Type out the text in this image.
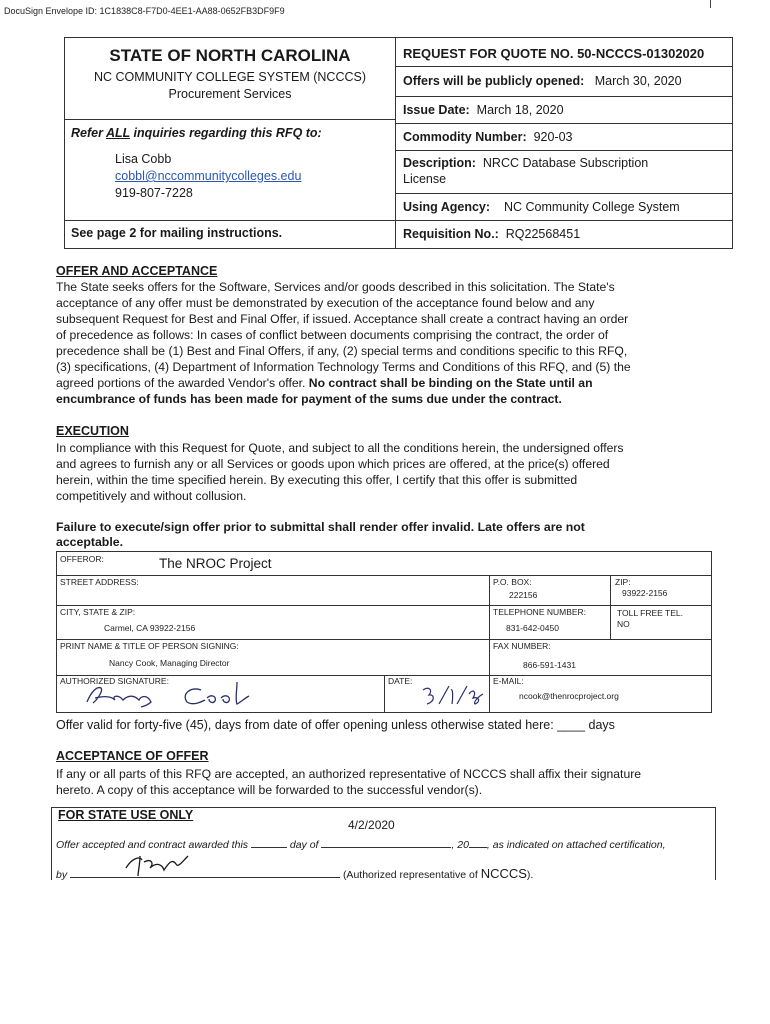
DocuSign Envelope ID: 1C1838C8-F7D0-4EE1-AA88-0652FB3DF9F9
STATE OF NORTH CAROLINA
NC COMMUNITY COLLEGE SYSTEM (NCCCS)
Procurement Services
Refer ALL inquiries regarding this RFQ to:
Lisa Cobb
cobbl@nccommunitycolleges.edu
919-807-7228
See page 2 for mailing instructions.
REQUEST FOR QUOTE NO. 50-NCCCS-01302020
Offers will be publicly opened: March 30, 2020
Issue Date: March 18, 2020
Commodity Number: 920-03
Description: NRCC Database Subscription
License
Using Agency: NC Community College System
Requisition No.: RQ22568451
OFFER AND ACCEPTANCE
The State seeks offers for the Software, Services and/or goods described in this solicitation. The State's
acceptance of any offer must be demonstrated by execution of the acceptance found below and any
subsequent Request for Best and Final Offer, if issued. Acceptance shall create a contract having an order
of precedence as follows: In cases of conflict between documents comprising the contract, the order of
precedence shall be (1) Best and Final Offers, if any, (2) special terms and conditions specific to this RFQ,
(3) specifications, (4) Department of Information Technology Terms and Conditions of this RFQ, and (5) the
agreed portions of the awarded Vendor's offer. No contract shall be binding on the State until an
encumbrance of funds has been made for payment of the sums due under the contract.
EXECUTION
In compliance with this Request for Quote, and subject to all the conditions herein, the undersigned offers
and agrees to furnish any or all Services or goods upon which prices are offered, at the price(s) offered
herein, within the time specified herein. By executing this offer, I certify that this offer is submitted
competitively and without collusion.
Failure to execute/sign offer prior to submittal shall render offer invalid. Late offers are not
acceptable.
OFFEROR:	The NROC Project
STREET ADDRESS:	P.O. BOX:
222156
ZIP:
93922-2156
CITY, STATE & ZIP:
Carmel, CA 93922-2156
TELEPHONE NUMBER:
831-642-0450
TOLL FREE TEL.
NO
PRINT NAME & TITLE OF PERSON SIGNING:
Nancy Cook, Managing Director
FAX NUMBER:
866-591-1431
AUTHORIZED SIGNATURE:	DATE:	E-MAIL:
ncook@thenrocproject.org
Offer valid for forty-five (45), days from date of offer opening unless otherwise stated here: ____ days
ACCEPTANCE OF OFFER
If any or all parts of this RFQ are accepted, an authorized representative of NCCCS shall affix their signature
hereto. A copy of this acceptance will be forwarded to the successful vendor(s).
FOR STATE USE ONLY
4/2/2020
Offer accepted and contract awarded this	day of	, 20 , as indicated on attached certification,
by	(Authorized representative of NCCCS).
